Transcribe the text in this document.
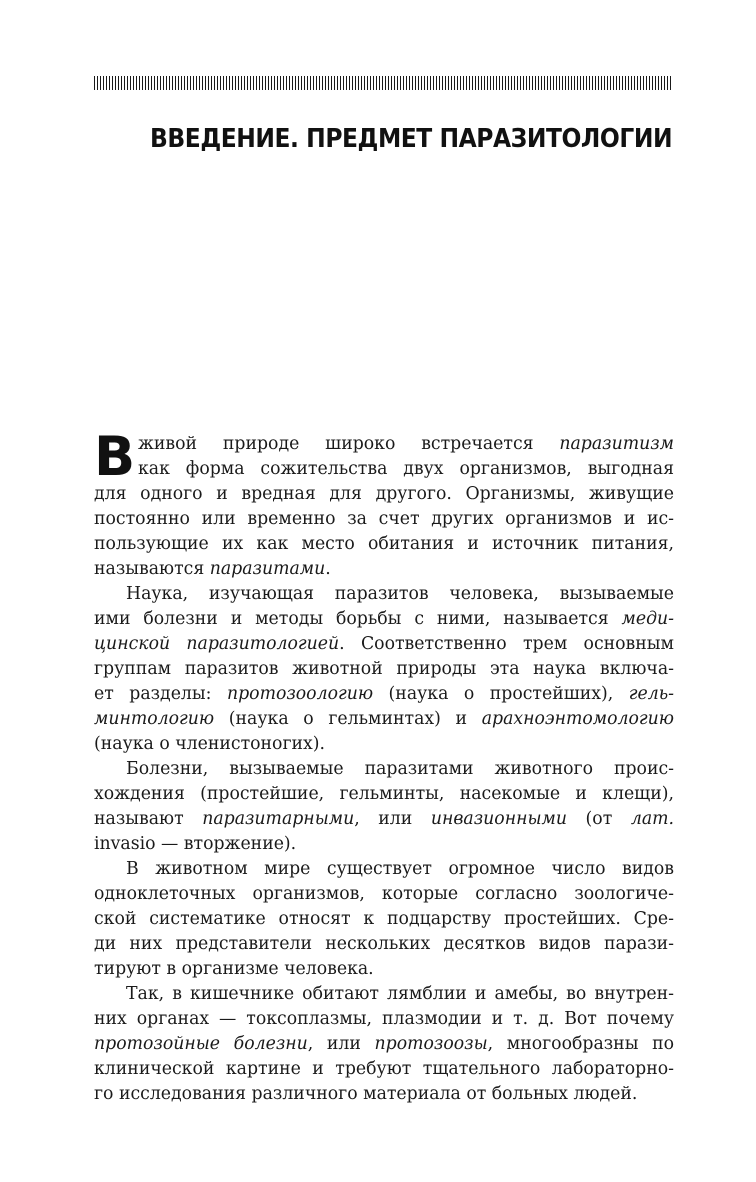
ВВЕДЕНИЕ. ПРЕДМЕТ ПАРАЗИТОЛОГИИ
В живой природе широко встречается паразитизм
как форма сожительства двух организмов, выгодная
для одного и вредная для другого. Организмы, живущие
постоянно или временно за счет других организмов и ис-
пользующие их как место обитания и источник питания,
называются паразитами.
Наука, изучающая паразитов человека, вызываемые
ими болезни и методы борьбы с ними, называется меди-
цинской паразитологией. Соответственно трем основным
группам паразитов животной природы эта наука включа-
ет разделы: протозоологию (наука о простейших), гель-
минтологию (наука о гельминтах) и арахноэнтомологию
(наука о членистоногих).
Болезни, вызываемые паразитами животного проис-
хождения (простейшие, гельминты, насекомые и клещи),
называют паразитарными, или инвазионными (от лат.
invasio — вторжение).
В животном мире существует огромное число видов
одноклеточных организмов, которые согласно зоологиче-
ской систематике относят к подцарству простейших. Сре-
ди них представители нескольких десятков видов парази-
тируют в организме человека.
Так, в кишечнике обитают лямблии и амебы, во внутрен-
них органах — токсоплазмы, плазмодии и т. д. Вот почему
протозойные болезни, или протозоозы, многообразны по
клинической картине и требуют тщательного лабораторно-
го исследования различного материала от больных людей.
